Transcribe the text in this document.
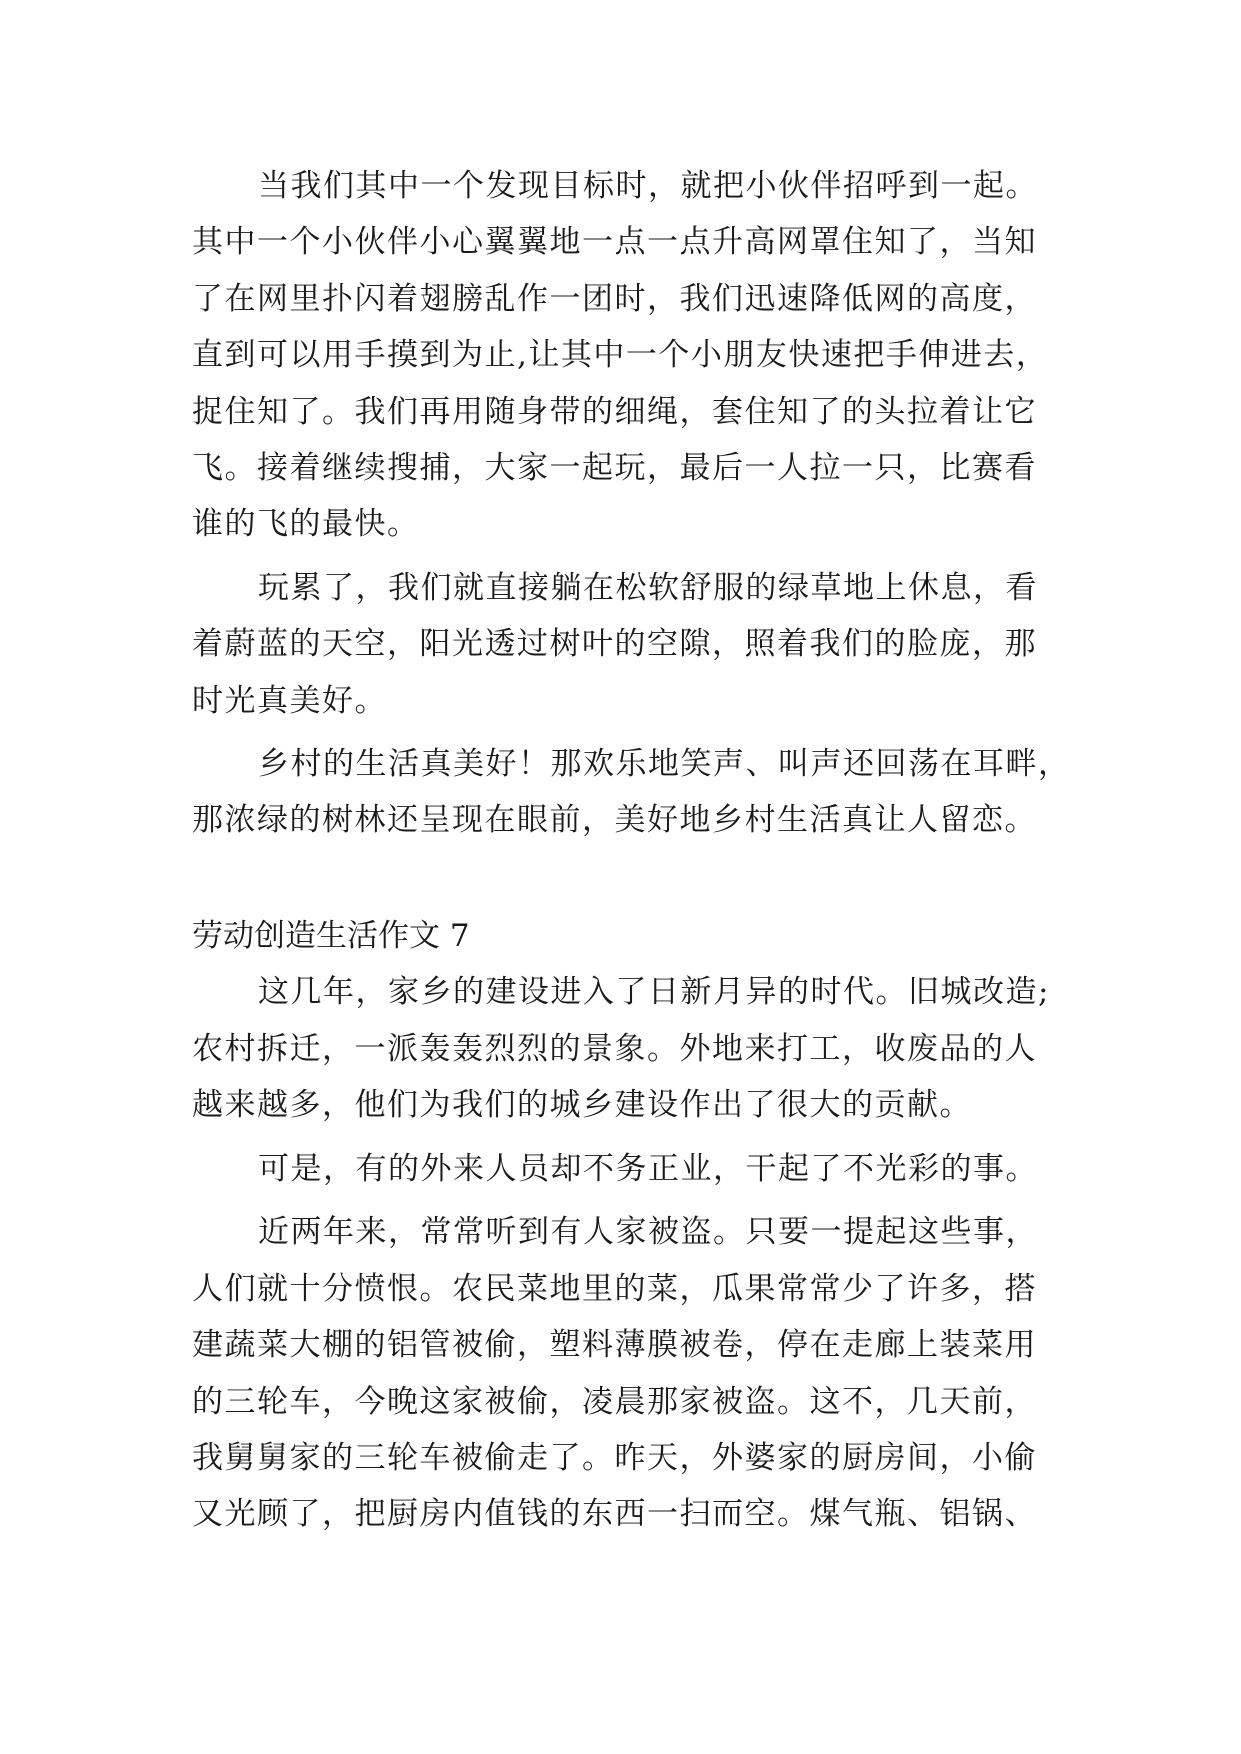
当我们其中一个发现目标时，就把小伙伴招呼到一起。
其中一个小伙伴小心翼翼地一点一点升高网罩住知了，当知
了在网里扑闪着翅膀乱作一团时，我们迅速降低网的高度，
直到可以用手摸到为止,让其中一个小朋友快速把手伸进去，
捉住知了。我们再用随身带的细绳，套住知了的头拉着让它
飞。接着继续搜捕，大家一起玩，最后一人拉一只，比赛看
谁的飞的最快。
玩累了，我们就直接躺在松软舒服的绿草地上休息，看
着蔚蓝的天空，阳光透过树叶的空隙，照着我们的脸庞，那
时光真美好。
乡村的生活真美好！那欢乐地笑声、叫声还回荡在耳畔，
那浓绿的树林还呈现在眼前，美好地乡村生活真让人留恋。
劳动创造生活作文 7
这几年，家乡的建设进入了日新月异的时代。旧城改造;
农村拆迁，一派轰轰烈烈的景象。外地来打工，收废品的人
越来越多，他们为我们的城乡建设作出了很大的贡献。
可是，有的外来人员却不务正业，干起了不光彩的事。
近两年来，常常听到有人家被盗。只要一提起这些事，
人们就十分愤恨。农民菜地里的菜，瓜果常常少了许多，搭
建蔬菜大棚的铝管被偷，塑料薄膜被卷，停在走廊上装菜用
的三轮车，今晚这家被偷，凌晨那家被盗。这不，几天前，
我舅舅家的三轮车被偷走了。昨天，外婆家的厨房间，小偷
又光顾了，把厨房内值钱的东西一扫而空。煤气瓶、铝锅、
